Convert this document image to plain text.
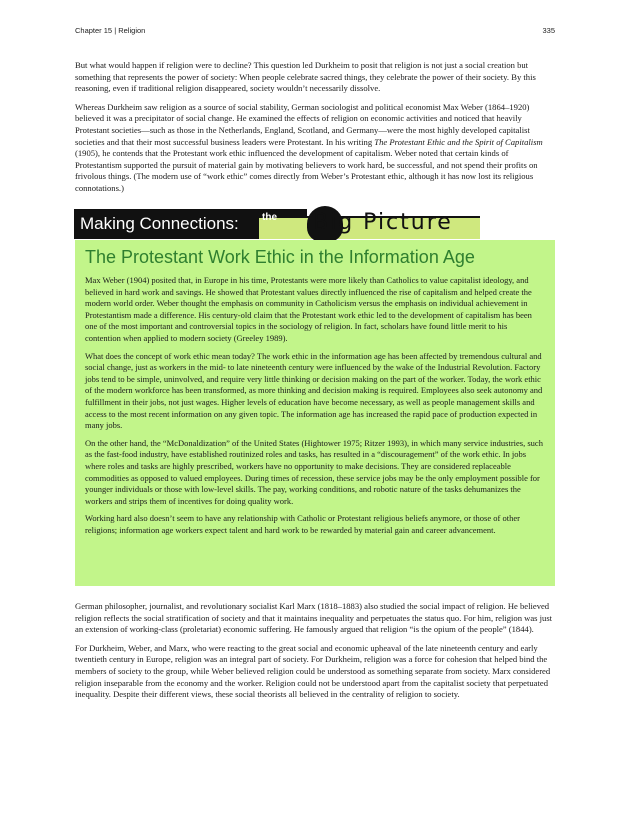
Chapter 15 | Religion	335

But what would happen if religion were to decline? This question led Durkheim to posit that religion is not just a social creation but something that represents the power of society: When people celebrate sacred things, they celebrate the power of their society. By this reasoning, even if traditional religion disappeared, society wouldn’t necessarily dissolve.

Whereas Durkheim saw religion as a source of social stability, German sociologist and political economist Max Weber (1864–1920) believed it was a precipitator of social change. He examined the effects of religion on economic activities and noticed that heavily Protestant societies—such as those in the Netherlands, England, Scotland, and Germany—were the most highly developed capitalist societies and that their most successful business leaders were Protestant. In his writing The Protestant Ethic and the Spirit of Capitalism (1905), he contends that the Protestant work ethic influenced the development of capitalism. Weber noted that certain kinds of Protestantism supported the pursuit of material gain by motivating believers to work hard, be successful, and not spend their profits on frivolous things. (The modern use of “work ethic” comes directly from Weber’s Protestant ethic, although it has now lost its religious connotations.)

Making Connections:	the Big Picture
The Protestant Work Ethic in the Information Age

Max Weber (1904) posited that, in Europe in his time, Protestants were more likely than Catholics to value capitalist ideology, and believed in hard work and savings. He showed that Protestant values directly influenced the rise of capitalism and helped create the modern world order. Weber thought the emphasis on community in Catholicism versus the emphasis on individual achievement in Protestantism made a difference. His century-old claim that the Protestant work ethic led to the development of capitalism has been one of the most important and controversial topics in the sociology of religion. In fact, scholars have found little merit to his contention when applied to modern society (Greeley 1989).

What does the concept of work ethic mean today? The work ethic in the information age has been affected by tremendous cultural and social change, just as workers in the mid- to late nineteenth century were influenced by the wake of the Industrial Revolution. Factory jobs tend to be simple, uninvolved, and require very little thinking or decision making on the part of the worker. Today, the work ethic of the modern workforce has been transformed, as more thinking and decision making is required. Employees also seek autonomy and fulfillment in their jobs, not just wages. Higher levels of education have become necessary, as well as people management skills and access to the most recent information on any given topic. The information age has increased the rapid pace of production expected in many jobs.

On the other hand, the “McDonaldization” of the United States (Hightower 1975; Ritzer 1993), in which many service industries, such as the fast-food industry, have established routinized roles and tasks, has resulted in a “discouragement” of the work ethic. In jobs where roles and tasks are highly prescribed, workers have no opportunity to make decisions. They are considered replaceable commodities as opposed to valued employees. During times of recession, these service jobs may be the only employment possible for younger individuals or those with low-level skills. The pay, working conditions, and robotic nature of the tasks dehumanizes the workers and strips them of incentives for doing quality work.

Working hard also doesn’t seem to have any relationship with Catholic or Protestant religious beliefs anymore, or those of other religions; information age workers expect talent and hard work to be rewarded by material gain and career advancement.

German philosopher, journalist, and revolutionary socialist Karl Marx (1818–1883) also studied the social impact of religion. He believed religion reflects the social stratification of society and that it maintains inequality and perpetuates the status quo. For him, religion was just an extension of working-class (proletariat) economic suffering. He famously argued that religion “is the opium of the people” (1844).

For Durkheim, Weber, and Marx, who were reacting to the great social and economic upheaval of the late nineteenth century and early twentieth century in Europe, religion was an integral part of society. For Durkheim, religion was a force for cohesion that helped bind the members of society to the group, while Weber believed religion could be understood as something separate from society. Marx considered religion inseparable from the economy and the worker. Religion could not be understood apart from the capitalist society that perpetuated inequality. Despite their different views, these social theorists all believed in the centrality of religion to society.
